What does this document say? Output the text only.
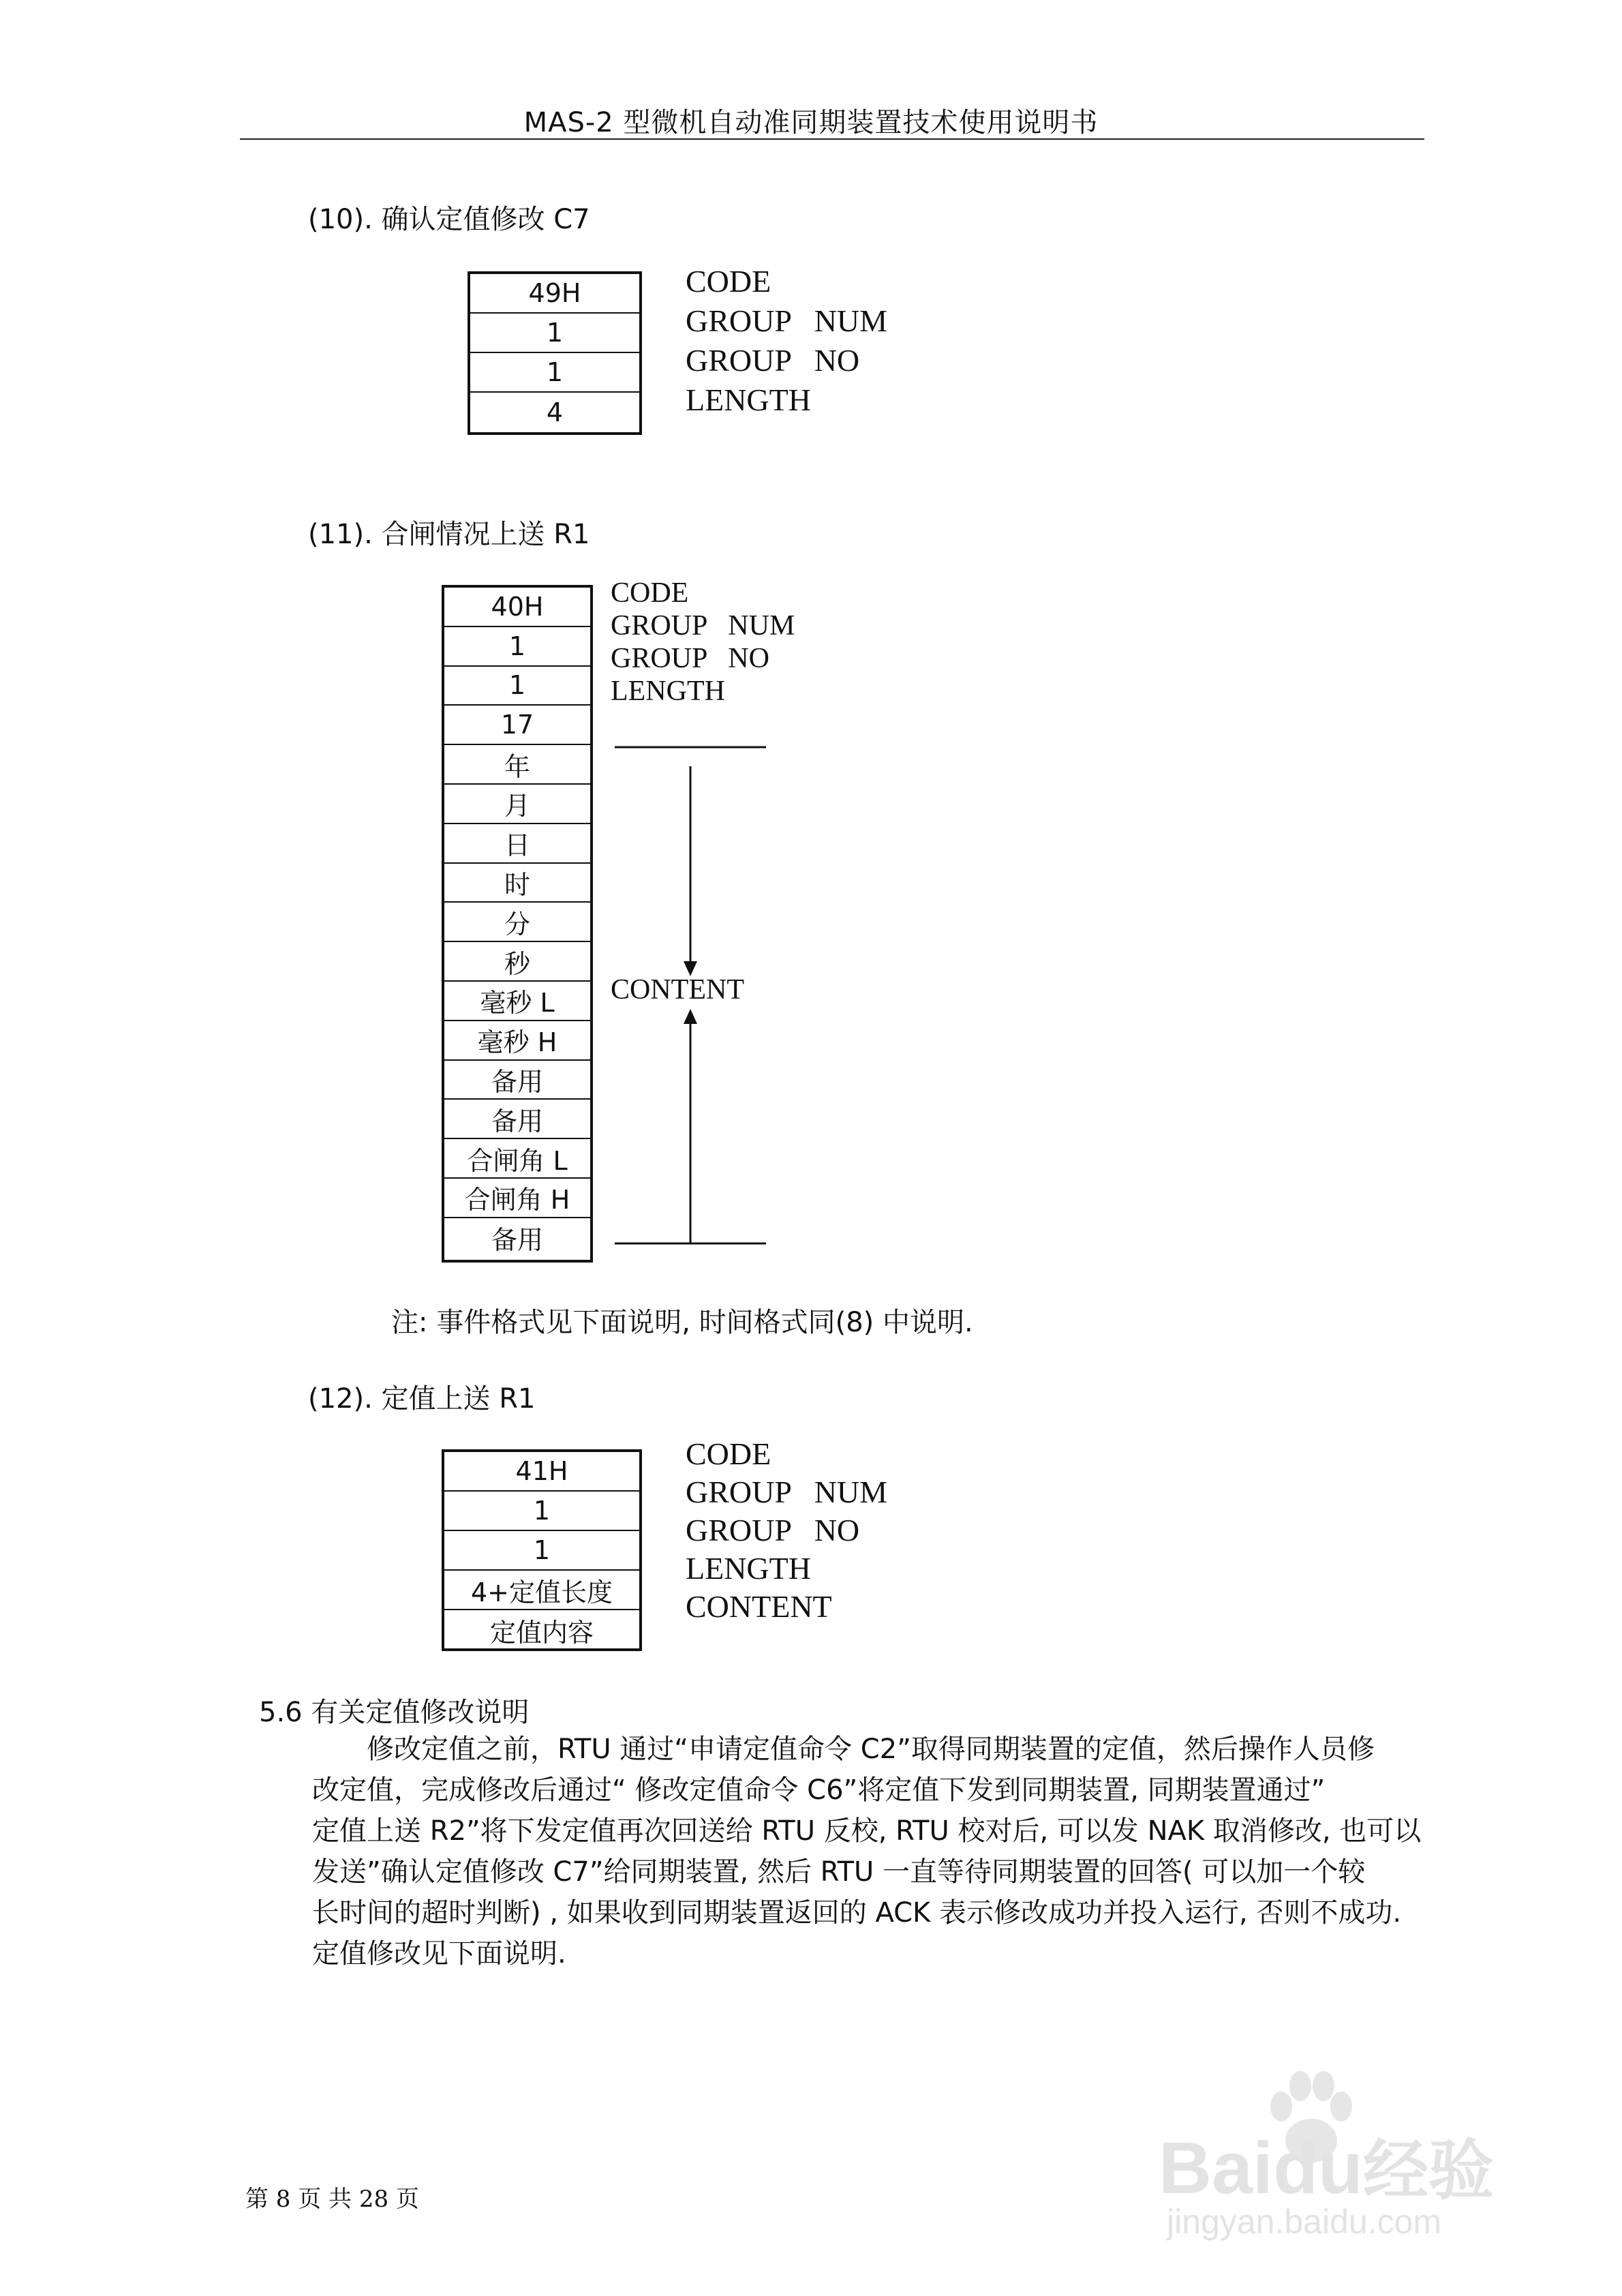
MAS-2 型微机自动准同期装置技术使用说明书
(10). 确认定值修改 C7
49H
1
1
4
CODE
GROUP   NUM
GROUP   NO
LENGTH
(11). 合闸情况上送 R1
40H
1
1
17
年
月
日
时
分
秒
毫秒 L
毫秒 H
备用
备用
合闸角 L
合闸角 H
备用
CODE
GROUP   NUM
GROUP   NO
LENGTH
CONTENT
注: 事件格式见下面说明, 时间格式同(8) 中说明.
(12). 定值上送 R1
41H
1
1
4+定值长度
定值内容
CODE
GROUP   NUM
GROUP   NO
LENGTH
CONTENT
5.6 有关定值修改说明

　　修改定值之前，RTU 通过“申请定值命令 C2”取得同期装置的定值，然后操作人员修

改定值，完成修改后通过“ 修改定值命令 C6”将定值下发到同期装置, 同期装置通过”

定值上送 R2”将下发定值再次回送给 RTU 反校, RTU 校对后, 可以发 NAK 取消修改, 也可以

发送”确认定值修改 C7”给同期装置, 然后 RTU 一直等待同期装置的回答( 可以加一个较

长时间的超时判断) , 如果收到同期装置返回的 ACK 表示修改成功并投入运行, 否则不成功.

定值修改见下面说明.

第 8 页 共 28 页	Baidu经验
jingyan.baidu.com
